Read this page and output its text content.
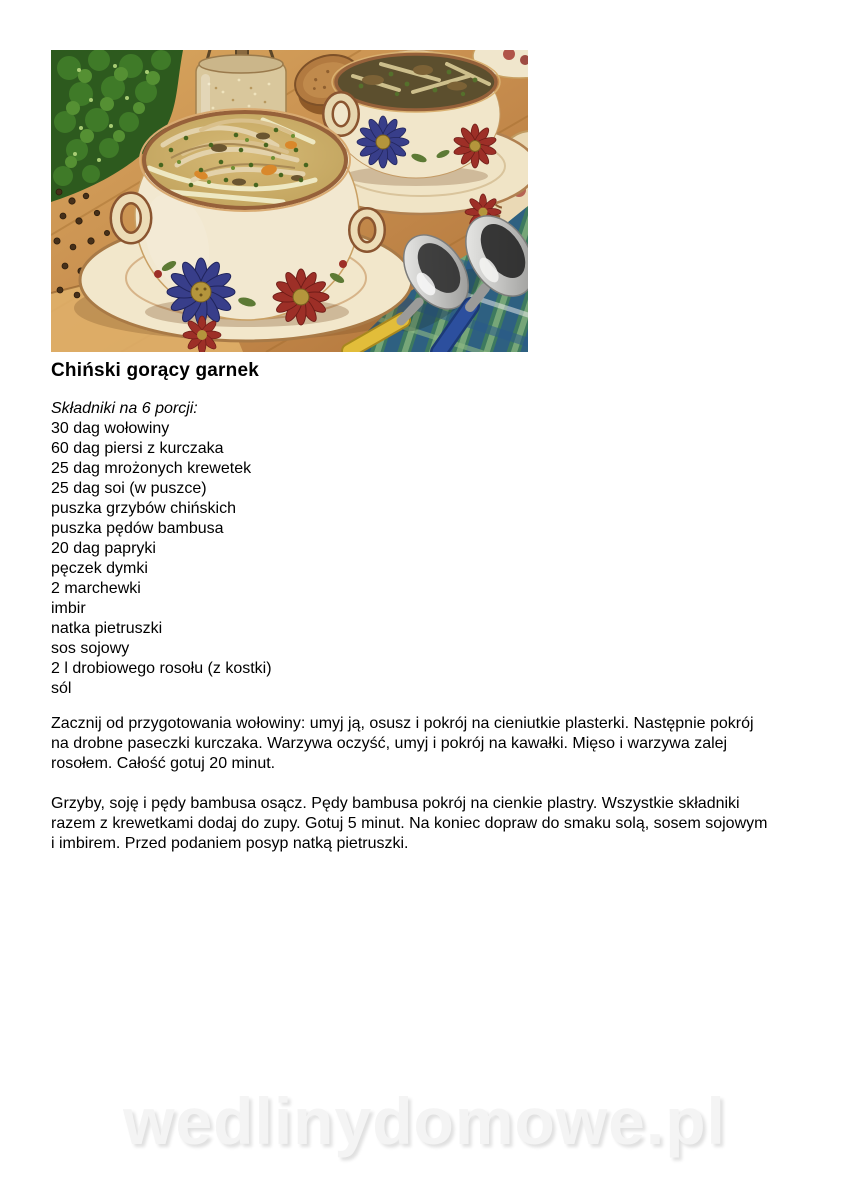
Chiński gorący garnek
Składniki na 6 porcji:
30 dag wołowiny
60 dag piersi z kurczaka
25 dag mrożonych krewetek
25 dag soi (w puszce)
puszka grzybów chińskich
puszka pędów bambusa
20 dag papryki
pęczek dymki
2 marchewki
imbir
natka pietruszki
sos sojowy
2 l drobiowego rosołu (z kostki)
sól

Zacznij od przygotowania wołowiny: umyj ją, osusz i pokrój na cieniutkie plasterki. Następnie pokrój na drobne paseczki kurczaka. Warzywa oczyść, umyj i pokrój na kawałki. Mięso i warzywa zalej rosołem. Całość gotuj 20 minut.

Grzyby, soję i pędy bambusa osącz. Pędy bambusa pokrój na cienkie plastry. Wszystkie składniki razem z krewetkami dodaj do zupy. Gotuj 5 minut. Na koniec dopraw do smaku solą, sosem sojowym i imbirem. Przed podaniem posyp natką pietruszki.

wedlinydomowe.pl
